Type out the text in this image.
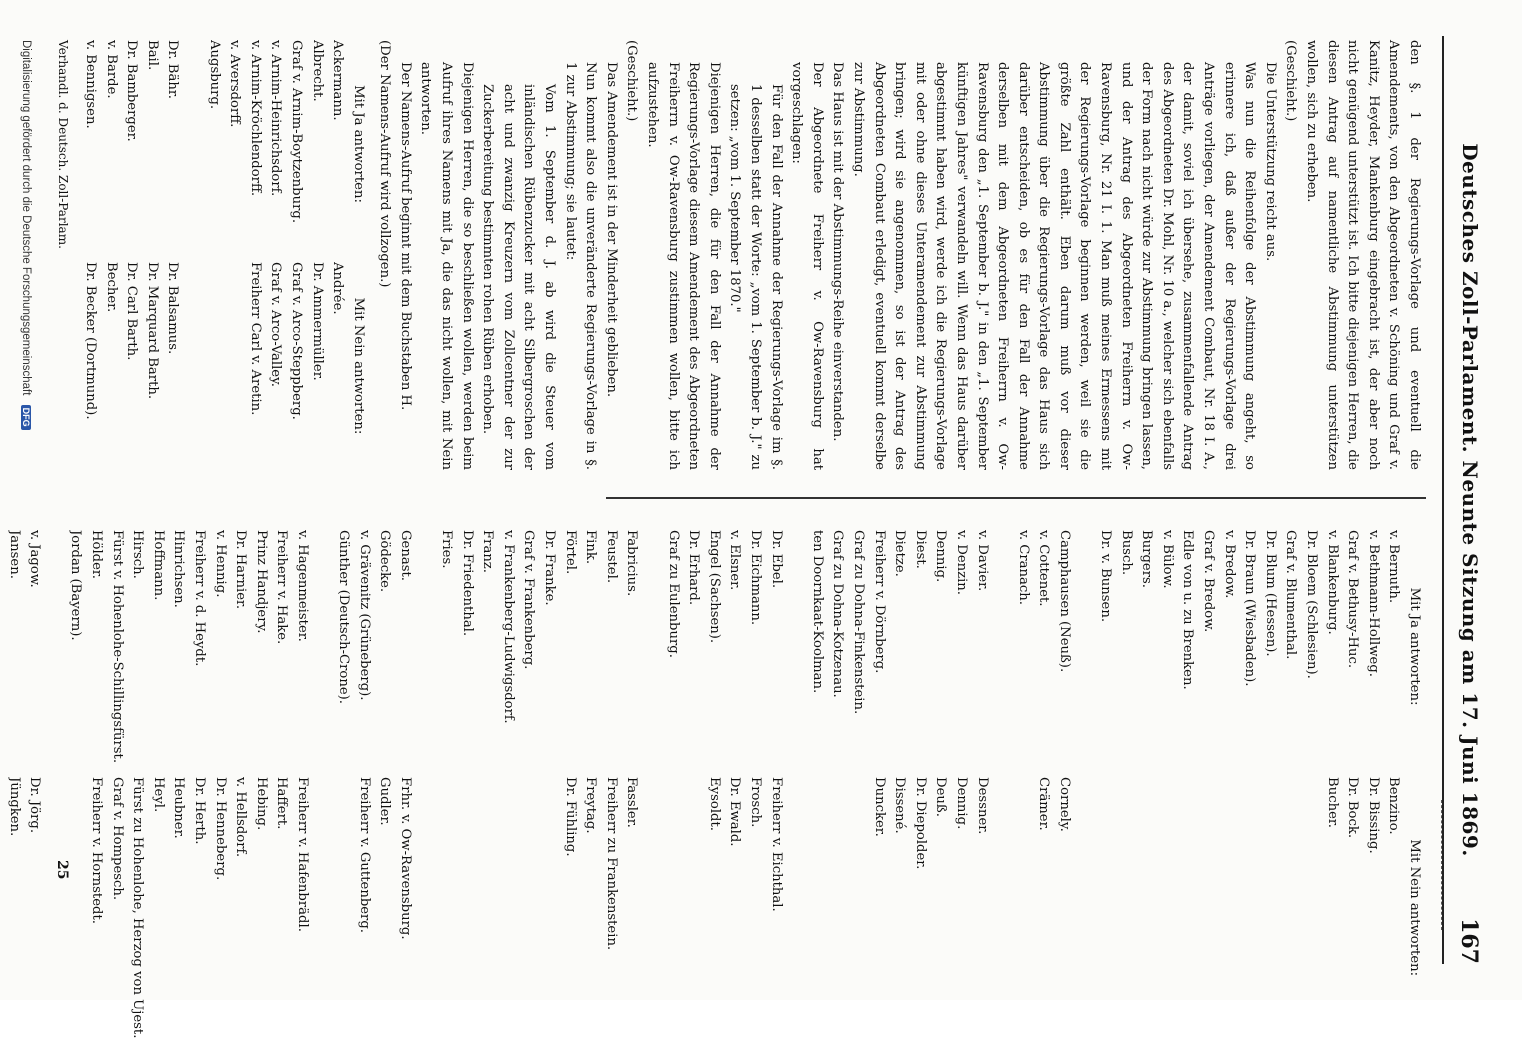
Deutsches Zoll-Parlament. Neunte Sitzung am 17. Juni 1869.
167

den §. 1 der Regierungs-Vorlage und eventuell die Amendements, von den Abgeordneten v. Schöning und Graf v. Kanitz, Heyder, Mankenburg eingebracht ist, der aber noch nicht genügend unterstützt ist. Ich bitte diejenigen Herren, die diesen Antrag auf namentliche Abstimmung unterstützen wollen, sich zu erheben.

(Geschieht.)

Die Unterstützung reicht aus.

Was nun die Reihenfolge der Abstimmung angeht, so erinnere ich, daß außer der Regierungs-Vorlage drei Anträge vorliegen, der Amendement Combaut, Nr. 18 I. A., der damit, soviel ich übersehe, zusammenfallende Antrag des Abgeordneten Dr. Mohl, Nr. 10 a., welcher sich ebenfalls der Form nach nicht würde zur Abstimmung bringen lassen, und der Antrag des Abgeordneten Freiherrn v. Ow-Ravensburg, Nr. 21 I. 1. Man muß meines Ermessens mit der Regierungs-Vorlage beginnen werden, weil sie die größte Zahl enthält. Eben darum muß vor dieser Abstimmung über die Regierungs-Vorlage das Haus sich darüber entscheiden, ob es für den Fall der Annahme derselben mit dem Abgeordneten Freiherrn v. Ow-Ravensburg den „1. September b. J." in den „1. September künftigen Jahres" verwandeln will. Wenn das Haus darüber abgestimmt haben wird, werde ich die Regierungs-Vorlage mit oder ohne dieses Unteramendement zur Abstimmung bringen; wird sie angenommen, so ist der Antrag des Abgeordneten Combaut erledigt, eventuell kommt derselbe zur Abstimmung.

Das Haus ist mit der Abstimmungs-Reihe einverstanden.

Der Abgeordnete Freiherr v. Ow-Ravensburg hat vorgeschlagen:

Für den Fall der Annahme der Regierungs-Vorlage im §. 1 desselben statt der Worte: „vom 1. September b. J." zu setzen: „vom 1. September 1870."

Diejenigen Herren, die für den Fall der Annahme der Regierungs-Vorlage diesem Amendement des Abgeordneten Freiherrn v. Ow-Ravensburg zustimmen wollen, bitte ich aufzustehen.

(Geschieht.)

Das Amendement ist in der Minderheit geblieben.

Nun kommt also die unveränderte Regierungs-Vorlage in §. 1 zur Abstimmung; sie lautet:

Vom 1. September d. J. ab wird die Steuer vom inländischen Rübenzucker mit acht Silbergroschen der acht und zwanzig Kreuzern vom Zollcentner der zur Zuckerbereitung bestimmten rohen Rüben erhoben.

Diejenigen Herren, die so beschließen wollen, werden beim Aufruf ihres Namens mit Ja, die das nicht wollen, mit Nein antworten.

Der Namens-Aufruf beginnt mit dem Buchstaben H.

(Der Namens-Aufruf wird vollzogen.)

Mit Ja antworten:
Ackermann.
Albrecht.
Graf v. Arnim-Boytzenburg.
v. Arnim-Heinrichsdorf.
v. Arnim-Kröchlendorff.
v. Aversdorff.
Augsburg.

Dr. Bähr.
Bail.
Dr. Bamberger.
v. Barde.
v. Bennigsen.
Mit Nein antworten:
Andrée.
Dr. Ammermüller.
Graf v. Arco-Steppberg.
Graf v. Arco-Valley.
Freiherr Carl v. Aretin.

Dr. Balsamus.
Dr. Marquard Barth.
Dr. Carl Barth.
Becher.
Dr. Becker (Dortmund).
Mit Ja antworten:
v. Bernuth.
v. Bethmann-Hollweg.
Graf v. Bethusy-Huc.
v. Blankenburg.
Dr. Bloem (Schlesien).
Graf v. Blumenthal.
Dr. Blum (Hessen).
Dr. Braun (Wiesbaden).
v. Bredow.
Graf v. Bredow.
Edle von u. zu Brenken.
v. Bülow.
Burgers.
Busch.
Dr. v. Bunsen.

Camphausen (Neuß).
v. Cottenet.
v. Cranach.

v. Davier.
v. Denzin.
Dennig.
Diest.
Dietze.
Freiherr v. Dörnberg.
Graf zu Dohna-Finkenstein.
Graf zu Dohna-Kotzenau.
ten Doornkaat-Koolman.

Dr. Ebel.
Dr. Eichmann.
v. Elsner.
Engel (Sachsen).
Dr. Erhard.
Graf zu Eulenburg.

Fabricius.
Feustel.
Fink.
Förtel.
Dr. Franke.
Graf v. Frankenberg.
v. Frankenberg-Ludwigsdorf.
Franz.
Dr. Friedenthal.
Fries.

Genast.
Gödecke.
v. Grävenitz (Grüneberg).
Günther (Deutsch-Crone).

v. Hagenmeister.
Freiherr v. Hake.
Prinz Handjery.
Dr. Harnier.
v. Hennig.
Freiherr v. d. Heydt.
Hinrichsen.
Hoffmann.
Hirsch.
Fürst v. Hohenlohe-Schillingsfürst.
Hölder.
Jordan (Bayern).

v. Jagow.
Jansen.
Mit Nein antworten:
Benzino.
Dr. Bissing.
Dr. Bock.
Bucher.

Cornely.
Crämer.

Dessner.
Dennig.
Deuß.
Dr. Diepolder.
Dissené.
Duncker.

Freiherr v. Eichthal.
Frosch.
Dr. Ewald.
Eysoldt.

Fassler.
Freiherr zu Frankenstein.
Freytag.
Dr. Fühling.

Frhr. v. Ow-Ravensburg.
Gudler.
Freiherr v. Guttenberg.

Freiherr v. Hafenbrädl.
Haffert.
Hebing.
v. Hellsdorf.
Dr. Henneberg.
Dr. Herth.
Heubner.
Heyl.
Fürst zu Hohenlohe, Herzog von Ujest.
Graf v. Hompesch.
Freiherr v. Hornstedt.

Dr. Jörg.
Jüngken.
Verhandl. d. Deutsch. Zoll-Parlam.
25
Digitalisierung gefördert durch die Deutsche Forschungsgemeinschaft DFG
